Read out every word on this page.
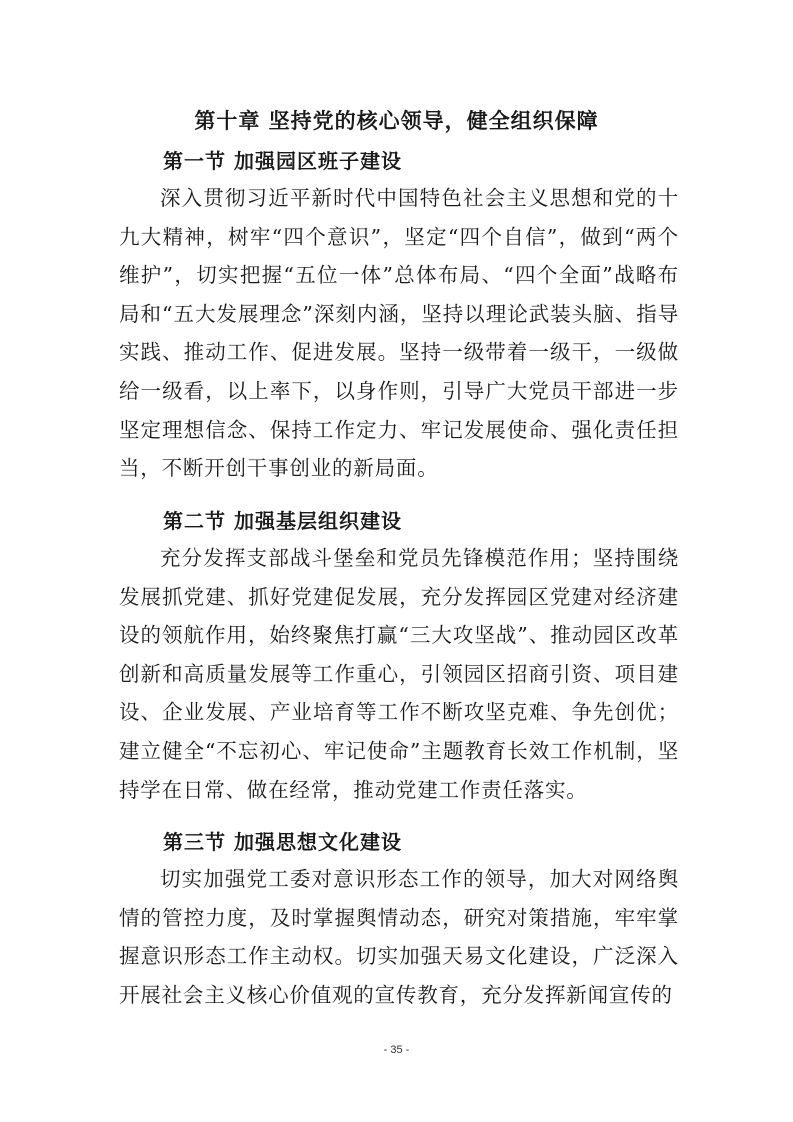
第十章 坚持党的核心领导，健全组织保障
第一节 加强园区班子建设
深入贯彻习近平新时代中国特色社会主义思想和党的十九大精神，树牢“四个意识”，坚定“四个自信”，做到“两个维护”，切实把握“五位一体”总体布局、“四个全面”战略布局和“五大发展理念”深刻内涵，坚持以理论武装头脑、指导实践、推动工作、促进发展。坚持一级带着一级干，一级做给一级看，以上率下，以身作则，引导广大党员干部进一步坚定理想信念、保持工作定力、牢记发展使命、强化责任担当，不断开创干事创业的新局面。
第二节 加强基层组织建设
充分发挥支部战斗堡垒和党员先锋模范作用；坚持围绕发展抓党建、抓好党建促发展，充分发挥园区党建对经济建设的领航作用，始终聚焦打赢“三大攻坚战”、推动园区改革创新和高质量发展等工作重心，引领园区招商引资、项目建设、企业发展、产业培育等工作不断攻坚克难、争先创优；建立健全“不忘初心、牢记使命”主题教育长效工作机制，坚持学在日常、做在经常，推动党建工作责任落实。
第三节 加强思想文化建设
切实加强党工委对意识形态工作的领导，加大对网络舆情的管控力度，及时掌握舆情动态，研究对策措施，牢牢掌握意识形态工作主动权。切实加强天易文化建设，广泛深入开展社会主义核心价值观的宣传教育，充分发挥新闻宣传的
- 35 -
